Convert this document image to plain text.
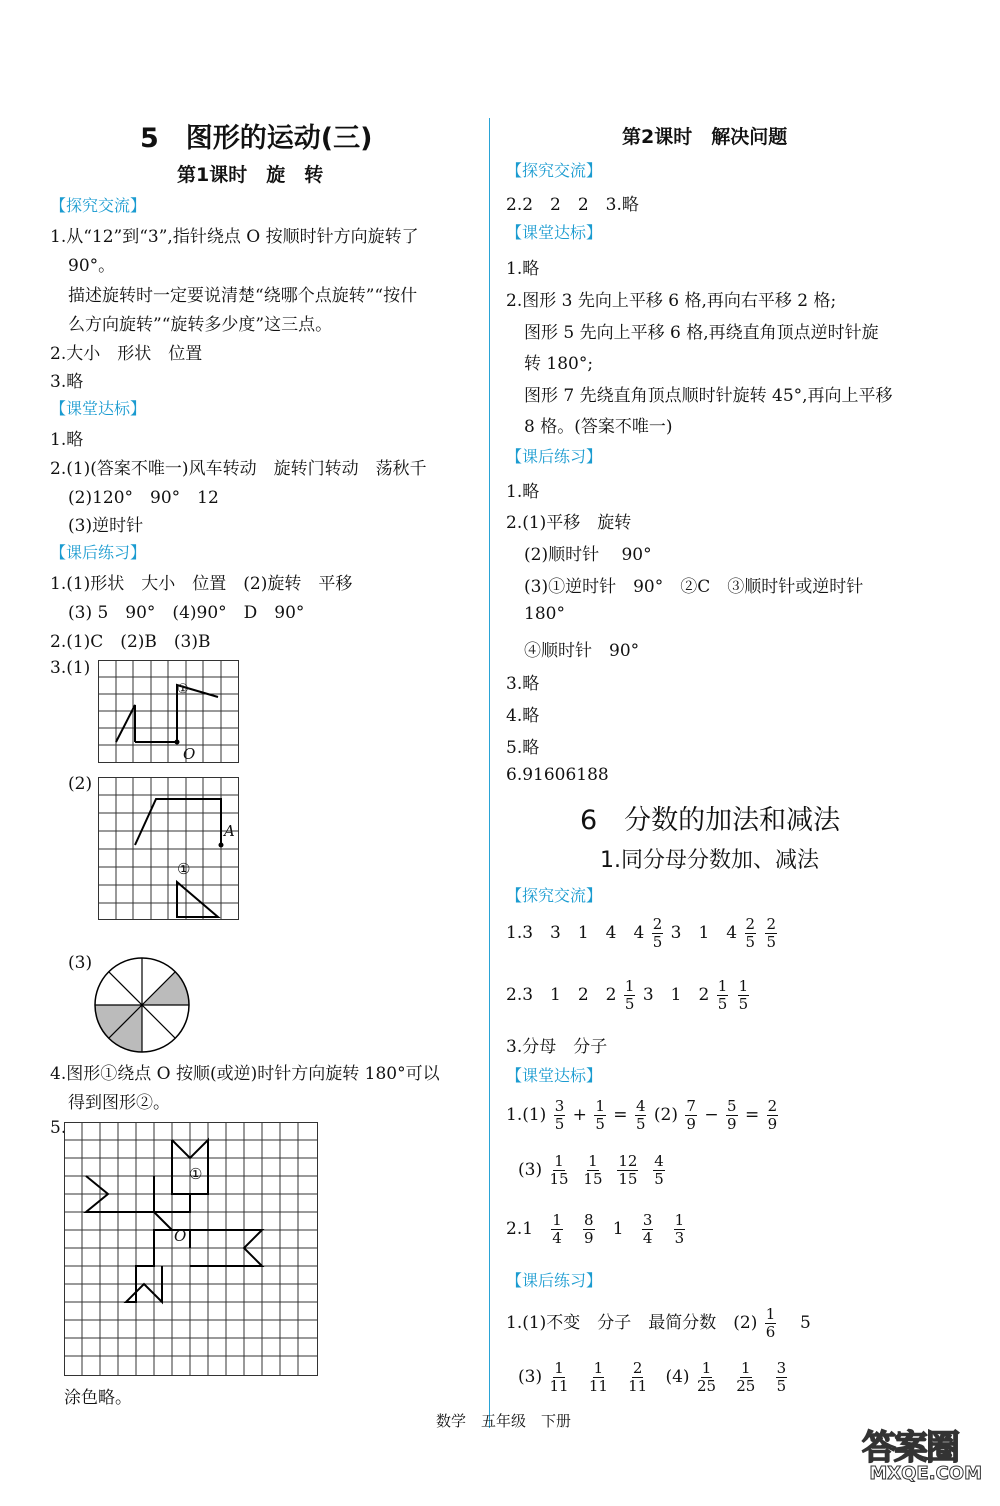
5　图形的运动(三)
第1课时　旋　转
【探究交流】
1.从“12”到“3”,指针绕点 O 按顺时针方向旋转了
90°。
描述旋转时一定要说清楚“绕哪个点旋转”“按什
么方向旋转”“旋转多少度”这三点。
2.大小　形状　位置
3.略
【课堂达标】
1.略
2.(1)(答案不唯一)风车转动　旋转门转动　荡秋千
(2)120°　90°　12
(3)逆时针
【课后练习】
1.(1)形状　大小　位置　(2)旋转　平移
(3) 5　90°　(4)90°　D　90°
2.(1)C　(2)B　(3)B
3.(1)
①
O
(2)
A
①
(3)
4.图形①绕点 O 按顺(或逆)时针方向旋转 180°可以
得到图形②。
5.
①
O
涂色略。
第2课时　解决问题
【探究交流】
2.2　2　2　3.略
【课堂达标】
1.略
2.图形 3 先向上平移 6 格,再向右平移 2 格;
图形 5 先向上平移 6 格,再绕直角顶点逆时针旋
转 180°;
图形 7 先绕直角顶点顺时针旋转 45°,再向上平移
8 格。(答案不唯一)
【课后练习】
1.略
2.(1)平移　旋转
(2)顺时针　 90°
(3)①逆时针　90°　②C　③顺时针或逆时针
180°
④顺时针　90°
3.略
4.略
5.略
6.91606188
6　分数的加法和减法
1.同分母分数加、减法
【探究交流】
1.3　3　1　4　$4 \frac{2}{5} 3$　1　$4 \frac{2}{5}$
$\frac{2}{5}$
2.3　1　2　$2 \frac{1}{5} 3$　1　$2 \frac{1}{5}$
$\frac{1}{5}$
3.分母　分子
【课堂达标】
$1.(1) \frac{3}{5} + \frac{1}{5} = \frac{4}{5} (2) \frac{7}{9} - \frac{5}{9} = \frac{2}{9}$
$(3) \frac{1}{15}$
$\frac{1}{15}$
$\frac{12}{15}$
$\frac{4}{5}$
$2.1 \frac{1}{4}$
$\frac{8}{9} 1 \frac{3}{4}$
$\frac{1}{3}$
【课后练习】
1.(1)不变　分子　最简分数　$(2) \frac{1}{6} 5$
$(3) \frac{1}{11}$
$\frac{1}{11}$
$\frac{2}{11} (4) \frac{1}{25}$
$\frac{1}{25}$
$\frac{3}{5}$
数学　五年级　下册
答案圈
MXQE.COM
